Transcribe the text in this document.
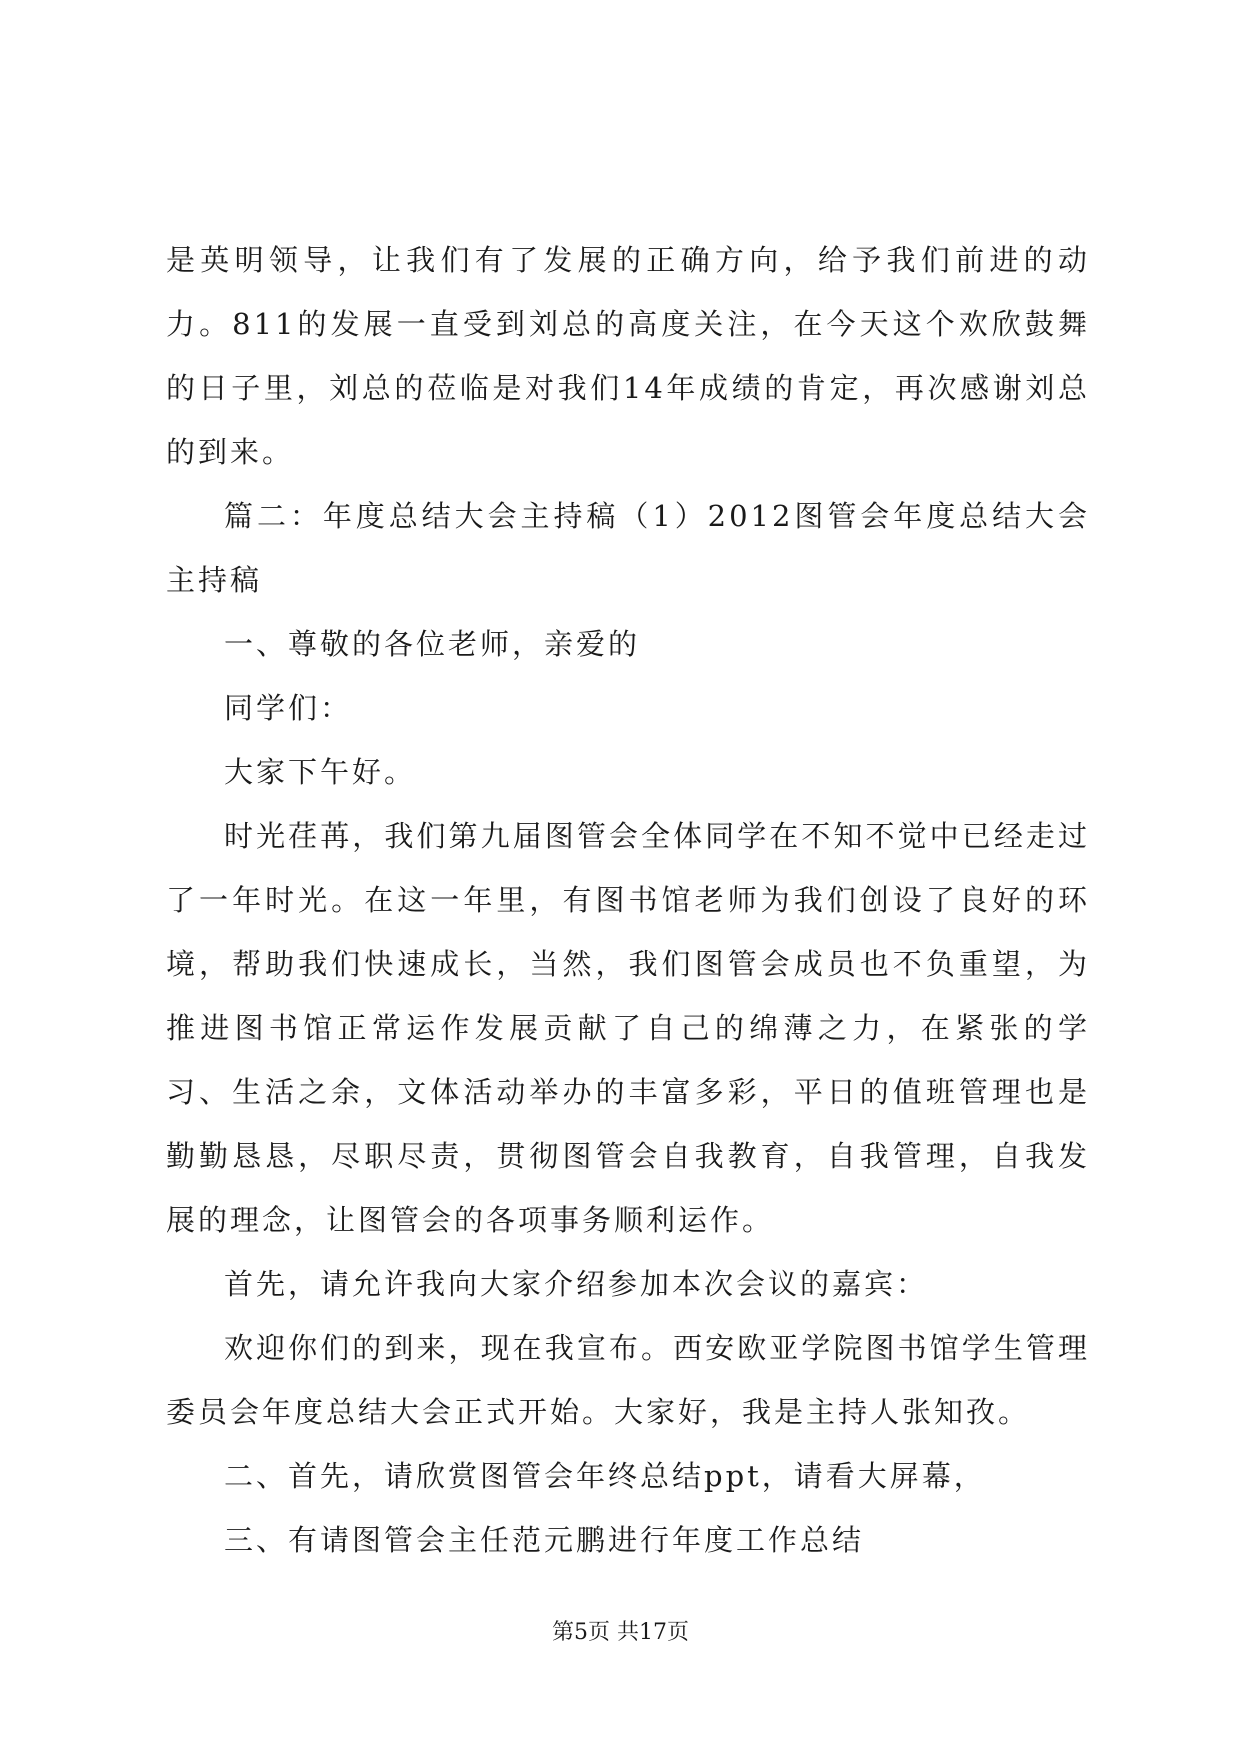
是英明领导，让我们有了发展的正确方向，给予我们前进的动力。811的发展一直受到刘总的高度关注，在今天这个欢欣鼓舞的日子里，刘总的莅临是对我们14年成绩的肯定，再次感谢刘总的到来。

篇二：年度总结大会主持稿（1）2012图管会年度总结大会主持稿

一、尊敬的各位老师，亲爱的

同学们：

大家下午好。

时光荏苒，我们第九届图管会全体同学在不知不觉中已经走过了一年时光。在这一年里，有图书馆老师为我们创设了良好的环境，帮助我们快速成长，当然，我们图管会成员也不负重望，为推进图书馆正常运作发展贡献了自己的绵薄之力，在紧张的学习、生活之余，文体活动举办的丰富多彩，平日的值班管理也是勤勤恳恳，尽职尽责，贯彻图管会自我教育，自我管理，自我发展的理念，让图管会的各项事务顺利运作。

首先，请允许我向大家介绍参加本次会议的嘉宾：

欢迎你们的到来，现在我宣布。西安欧亚学院图书馆学生管理委员会年度总结大会正式开始。大家好，我是主持人张知孜。

二、首先，请欣赏图管会年终总结ppt，请看大屏幕，

三、有请图管会主任范元鹏进行年度工作总结

第5页 共17页
